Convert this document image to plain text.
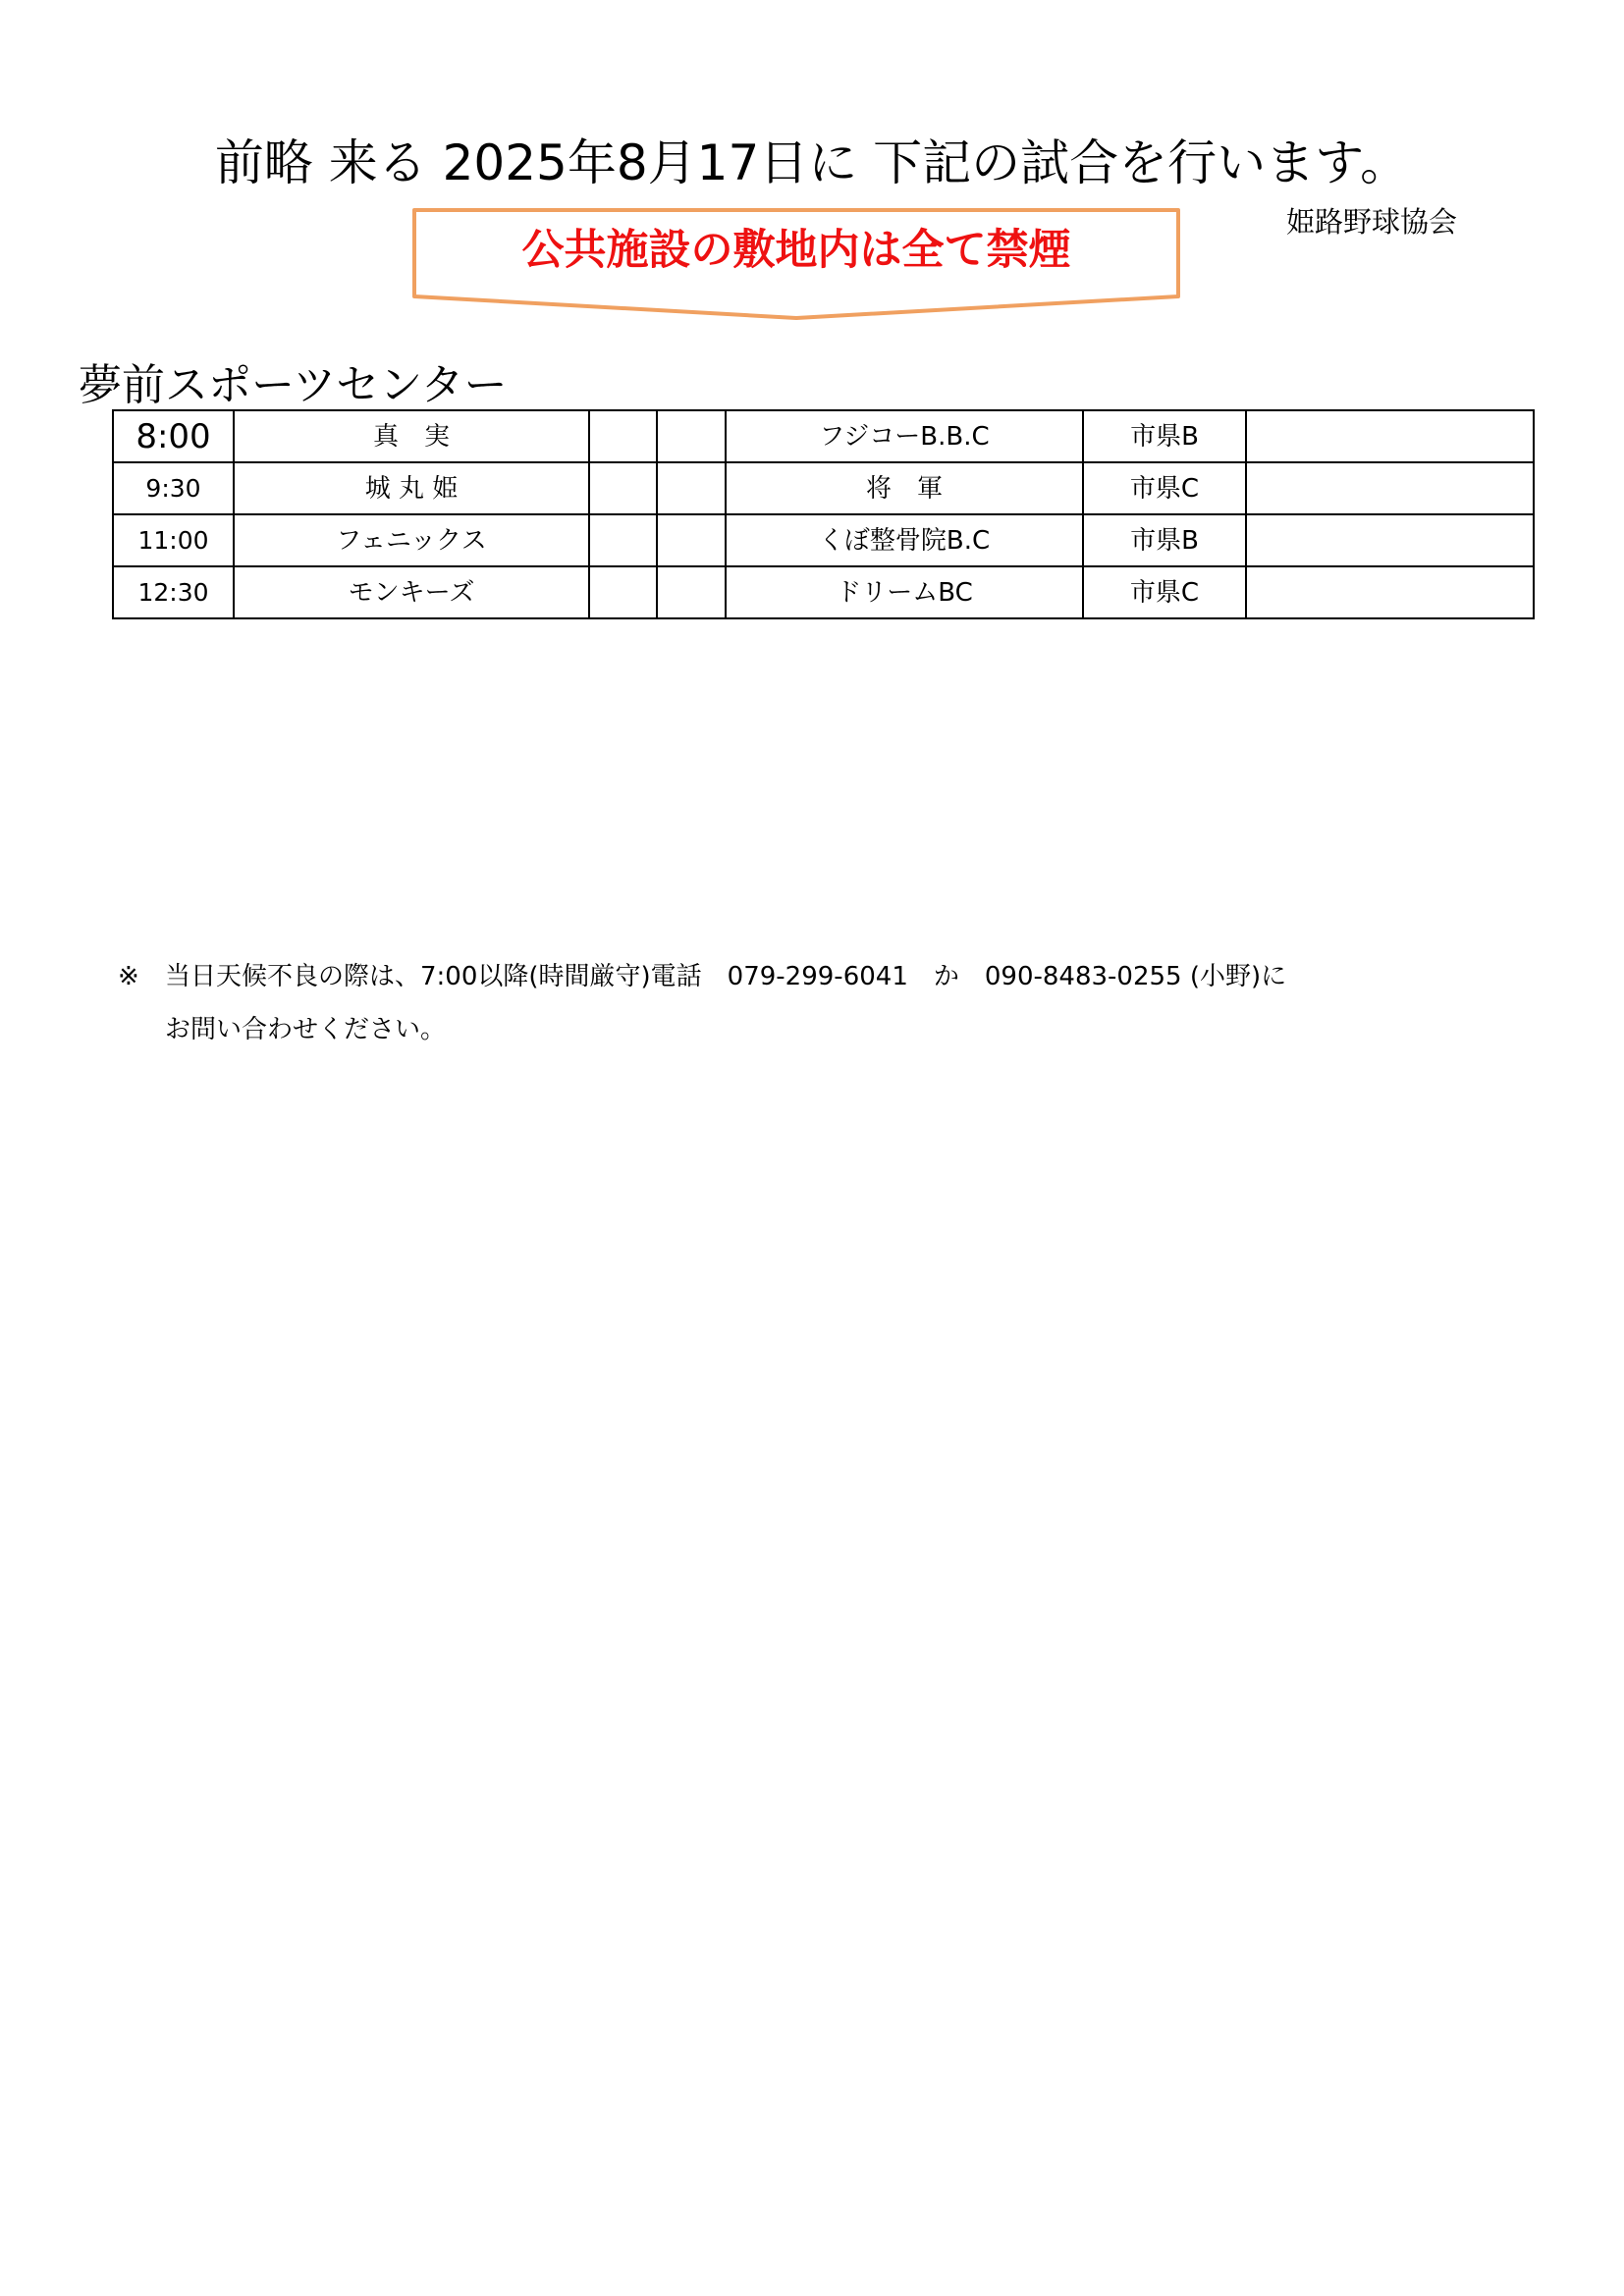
前略 来る 2025年8月17日に 下記の試合を行います。
姫路野球協会
公共施設の敷地内は全て禁煙
夢前スポーツセンター
8:00	真　実			フジコーB.B.C	市県B	
9:30	城 丸 姫			将　軍	市県C	
11:00	フェニックス			くぼ整骨院B.C	市県B	
12:30	モンキーズ			ドリームBC	市県C	
※ 当日天候不良の際は、7:00以降(時間厳守)電話　079-299-6041　か　090-8483-0255 (小野)に
お問い合わせください。
